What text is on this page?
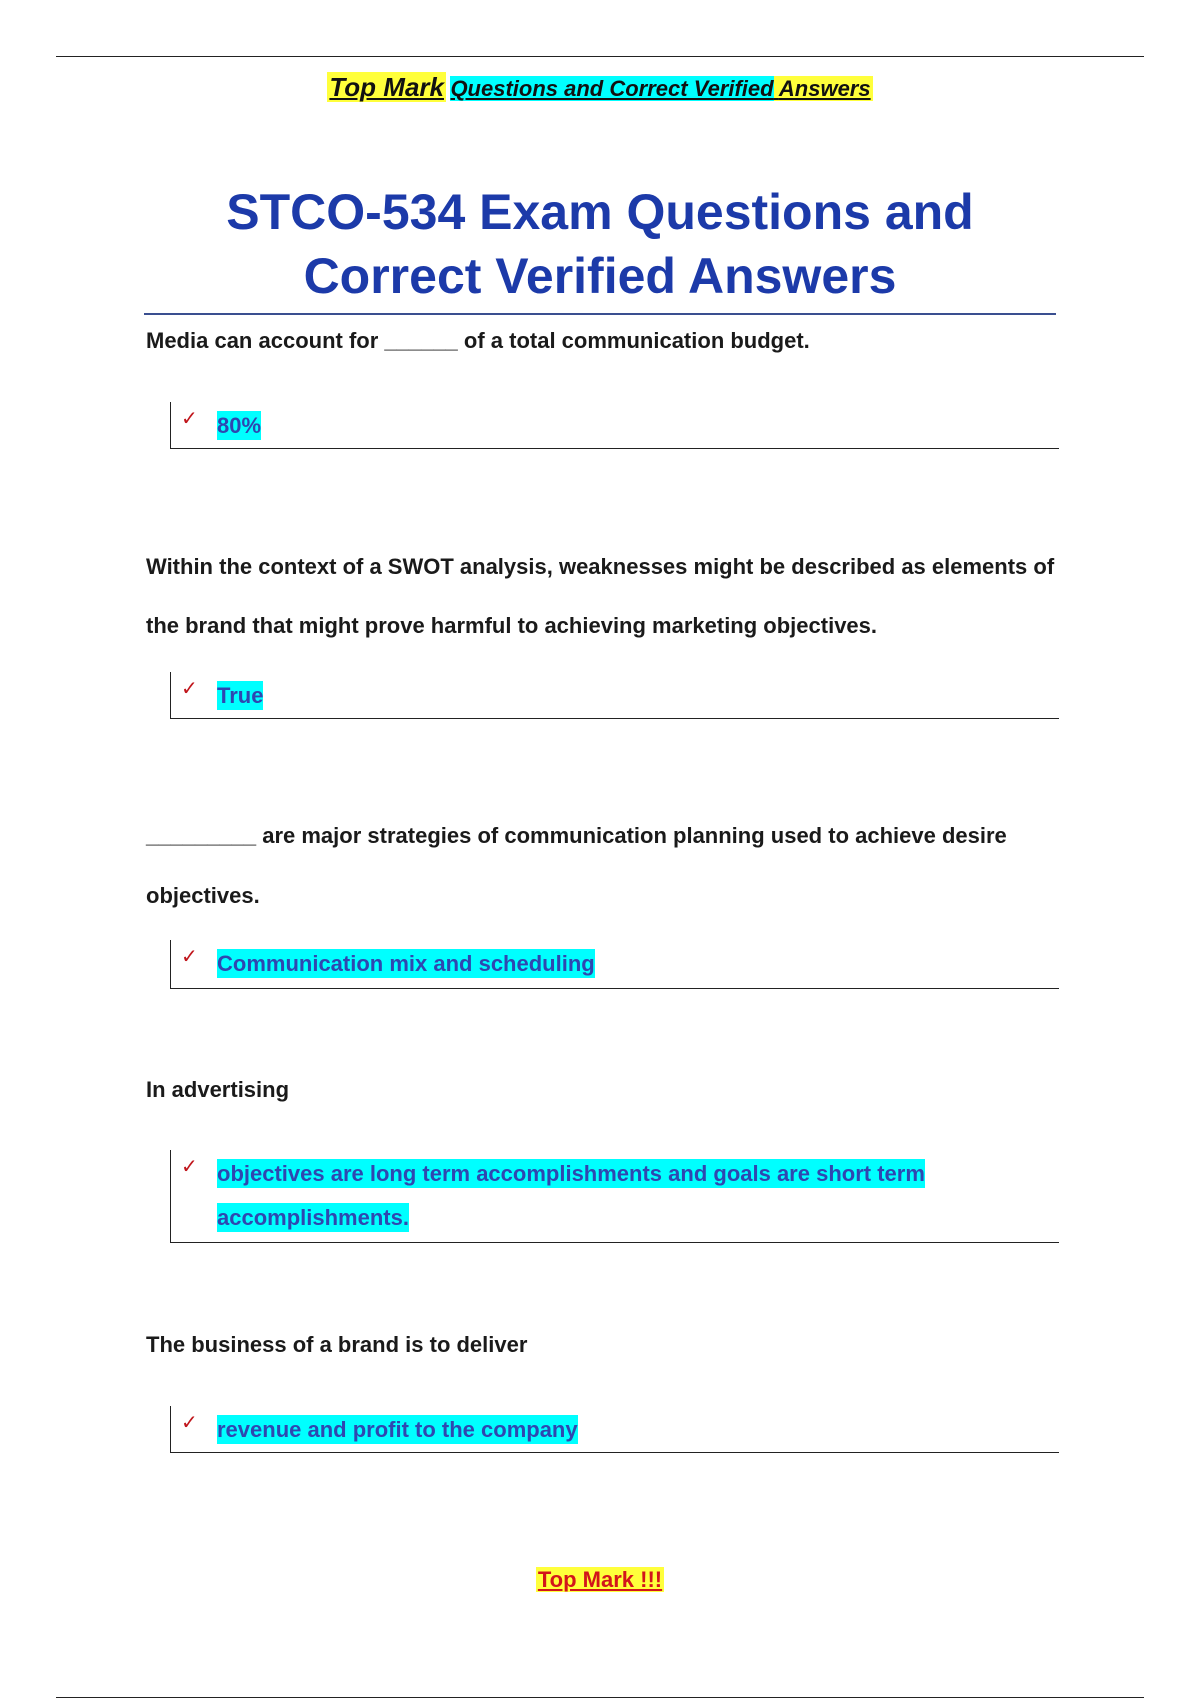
Top Mark Questions and Correct Verified Answers
STCO-534 Exam Questions and Correct Verified Answers
Media can account for ______ of a total communication budget.
✓ 80%
Within the context of a SWOT analysis, weaknesses might be described as elements of the brand that might prove harmful to achieving marketing objectives.
✓ True
_________ are major strategies of communication planning used to achieve desire objectives.
✓ Communication mix and scheduling
In advertising
✓ objectives are long term accomplishments and goals are short term accomplishments.
The business of a brand is to deliver
✓ revenue and profit to the company
Top Mark !!!
